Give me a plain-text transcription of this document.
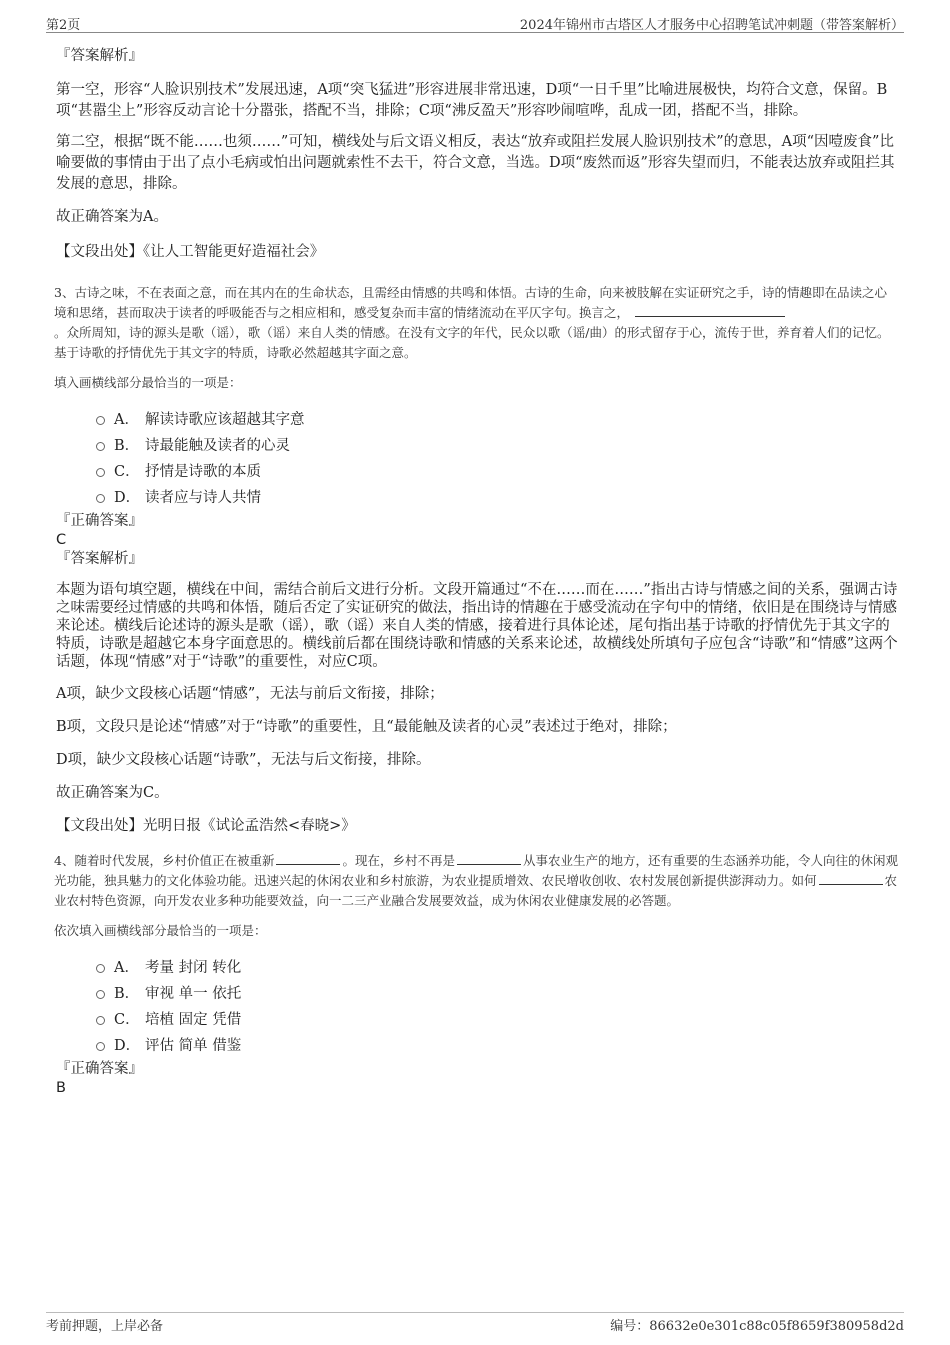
第2页	2024年锦州市古塔区人才服务中心招聘笔试冲刺题（带答案解析）

『答案解析』

第一空，形容“人脸识别技术”发展迅速，A项“突飞猛进”形容进展非常迅速，D项“一日千里”比喻进展极快，均符合文意，保留。B项“甚嚣尘上”形容反动言论十分嚣张，搭配不当，排除；C项“沸反盈天”形容吵闹喧哗，乱成一团，搭配不当，排除。

第二空，根据“既不能……也须……”可知，横线处与后文语义相反，表达“放弃或阻拦发展人脸识别技术”的意思，A项“因噎废食”比喻要做的事情由于出了点小毛病或怕出问题就索性不去干，符合文意，当选。D项“废然而返”形容失望而归，不能表达放弃或阻拦其发展的意思，排除。

故正确答案为A。

【文段出处】《让人工智能更好造福社会》

3、古诗之味，不在表面之意，而在其内在的生命状态，且需经由情感的共鸣和体悟。古诗的生命，向来被肢解在实证研究之手，诗的情趣即在品读之心境和思绪，甚而取决于读者的呼吸能否与之相应相和，感受复杂而丰富的情绪流动在平仄字句。换言之，
。众所周知，诗的源头是歌（谣），歌（谣）来自人类的情感。在没有文字的年代，民众以歌（谣/曲）的形式留存于心，流传于世，养育着人们的记忆。基于诗歌的抒情优先于其文字的特质，诗歌必然超越其字面之意。

填入画横线部分最恰当的一项是：

A． 解读诗歌应该超越其字意
B． 诗最能触及读者的心灵
C． 抒情是诗歌的本质
D． 读者应与诗人共情

『正确答案』

C

『答案解析』

本题为语句填空题，横线在中间，需结合前后文进行分析。文段开篇通过“不在……而在……”指出古诗与情感之间的关系，强调古诗之味需要经过情感的共鸣和体悟，随后否定了实证研究的做法，指出诗的情趣在于感受流动在字句中的情绪，依旧是在围绕诗与情感来论述。横线后论述诗的源头是歌（谣），歌（谣）来自人类的情感，接着进行具体论述，尾句指出基于诗歌的抒情优先于其文字的特质，诗歌是超越它本身字面意思的。横线前后都在围绕诗歌和情感的关系来论述，故横线处所填句子应包含“诗歌”和“情感”这两个话题，体现“情感”对于“诗歌”的重要性，对应C项。

A项，缺少文段核心话题“情感”，无法与前后文衔接，排除；

B项，文段只是论述“情感”对于“诗歌”的重要性，且“最能触及读者的心灵”表述过于绝对，排除；

D项，缺少文段核心话题“诗歌”，无法与后文衔接，排除。

故正确答案为C。

【文段出处】光明日报《试论孟浩然<春晓>》

4、随着时代发展，乡村价值正在被重新	。现在，乡村不再是	从事农业生产的地方，还有重要的生态涵养功能，令人向往的休闲观光功能，独具魅力的文化体验功能。迅速兴起的休闲农业和乡村旅游，为农业提质增效、农民增收创收、农村发展创新提供澎湃动力。如何	农业农村特色资源，向开发农业多种功能要效益，向一二三产业融合发展要效益，成为休闲农业健康发展的必答题。

依次填入画横线部分最恰当的一项是：

A． 考量 封闭 转化
B． 审视 单一 依托
C． 培植 固定 凭借
D． 评估 简单 借鉴

『正确答案』

B

考前押题，上岸必备	编号：86632e0e301c88c05f8659f380958d2d
